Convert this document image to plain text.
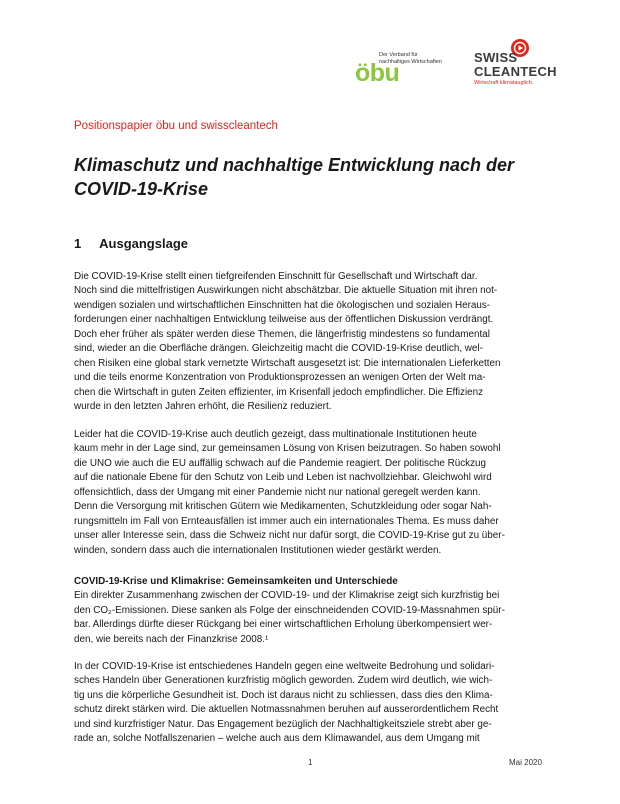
Der Verband für
nachhaltiges Wirtschaften
öbu
SWISS
CLEANTECH
Wirtschaft klimatauglich.
Positionspapier öbu und swisscleantech
Klimaschutz und nachhaltige Entwicklung nach der
COVID-19-Krise
1 Ausgangslage
Die COVID-19-Krise stellt einen tiefgreifenden Einschnitt für Gesellschaft und Wirtschaft dar.
Noch sind die mittelfristigen Auswirkungen nicht abschätzbar. Die aktuelle Situation mit ihren not-
wendigen sozialen und wirtschaftlichen Einschnitten hat die ökologischen und sozialen Heraus-
forderungen einer nachhaltigen Entwicklung teilweise aus der öffentlichen Diskussion verdrängt.
Doch eher früher als später werden diese Themen, die längerfristig mindestens so fundamental
sind, wieder an die Oberfläche drängen. Gleichzeitig macht die COVID-19-Krise deutlich, wel-
chen Risiken eine global stark vernetzte Wirtschaft ausgesetzt ist: Die internationalen Lieferketten
und die teils enorme Konzentration von Produktionsprozessen an wenigen Orten der Welt ma-
chen die Wirtschaft in guten Zeiten effizienter, im Krisenfall jedoch empfindlicher. Die Effizienz
wurde in den letzten Jahren erhöht, die Resilienz reduziert.
Leider hat die COVID-19-Krise auch deutlich gezeigt, dass multinationale Institutionen heute
kaum mehr in der Lage sind, zur gemeinsamen Lösung von Krisen beizutragen. So haben sowohl
die UNO wie auch die EU auffällig schwach auf die Pandemie reagiert. Der politische Rückzug
auf die nationale Ebene für den Schutz von Leib und Leben ist nachvollziehbar. Gleichwohl wird
offensichtlich, dass der Umgang mit einer Pandemie nicht nur national geregelt werden kann.
Denn die Versorgung mit kritischen Gütern wie Medikamenten, Schutzkleidung oder sogar Nah-
rungsmitteln im Fall von Ernteausfällen ist immer auch ein internationales Thema. Es muss daher
unser aller Interesse sein, dass die Schweiz nicht nur dafür sorgt, die COVID-19-Krise gut zu über-
winden, sondern dass auch die internationalen Institutionen wieder gestärkt werden.
COVID-19-Krise und Klimakrise: Gemeinsamkeiten und Unterschiede
Ein direkter Zusammenhang zwischen der COVID-19- und der Klimakrise zeigt sich kurzfristig bei
den CO₂-Emissionen. Diese sanken als Folge der einschneidenden COVID-19-Massnahmen spür-
bar. Allerdings dürfte dieser Rückgang bei einer wirtschaftlichen Erholung überkompensiert wer-
den, wie bereits nach der Finanzkrise 2008.¹
In der COVID-19-Krise ist entschiedenes Handeln gegen eine weltweite Bedrohung und solidari-
sches Handeln über Generationen kurzfristig möglich geworden. Zudem wird deutlich, wie wich-
tig uns die körperliche Gesundheit ist. Doch ist daraus nicht zu schliessen, dass dies den Klima-
schutz direkt stärken wird. Die aktuellen Notmassnahmen beruhen auf ausserordentlichem Recht
und sind kurzfristiger Natur. Das Engagement bezüglich der Nachhaltigkeitsziele strebt aber ge-
rade an, solche Notfallszenarien – welche auch aus dem Klimawandel, aus dem Umgang mit
1	Mai 2020
